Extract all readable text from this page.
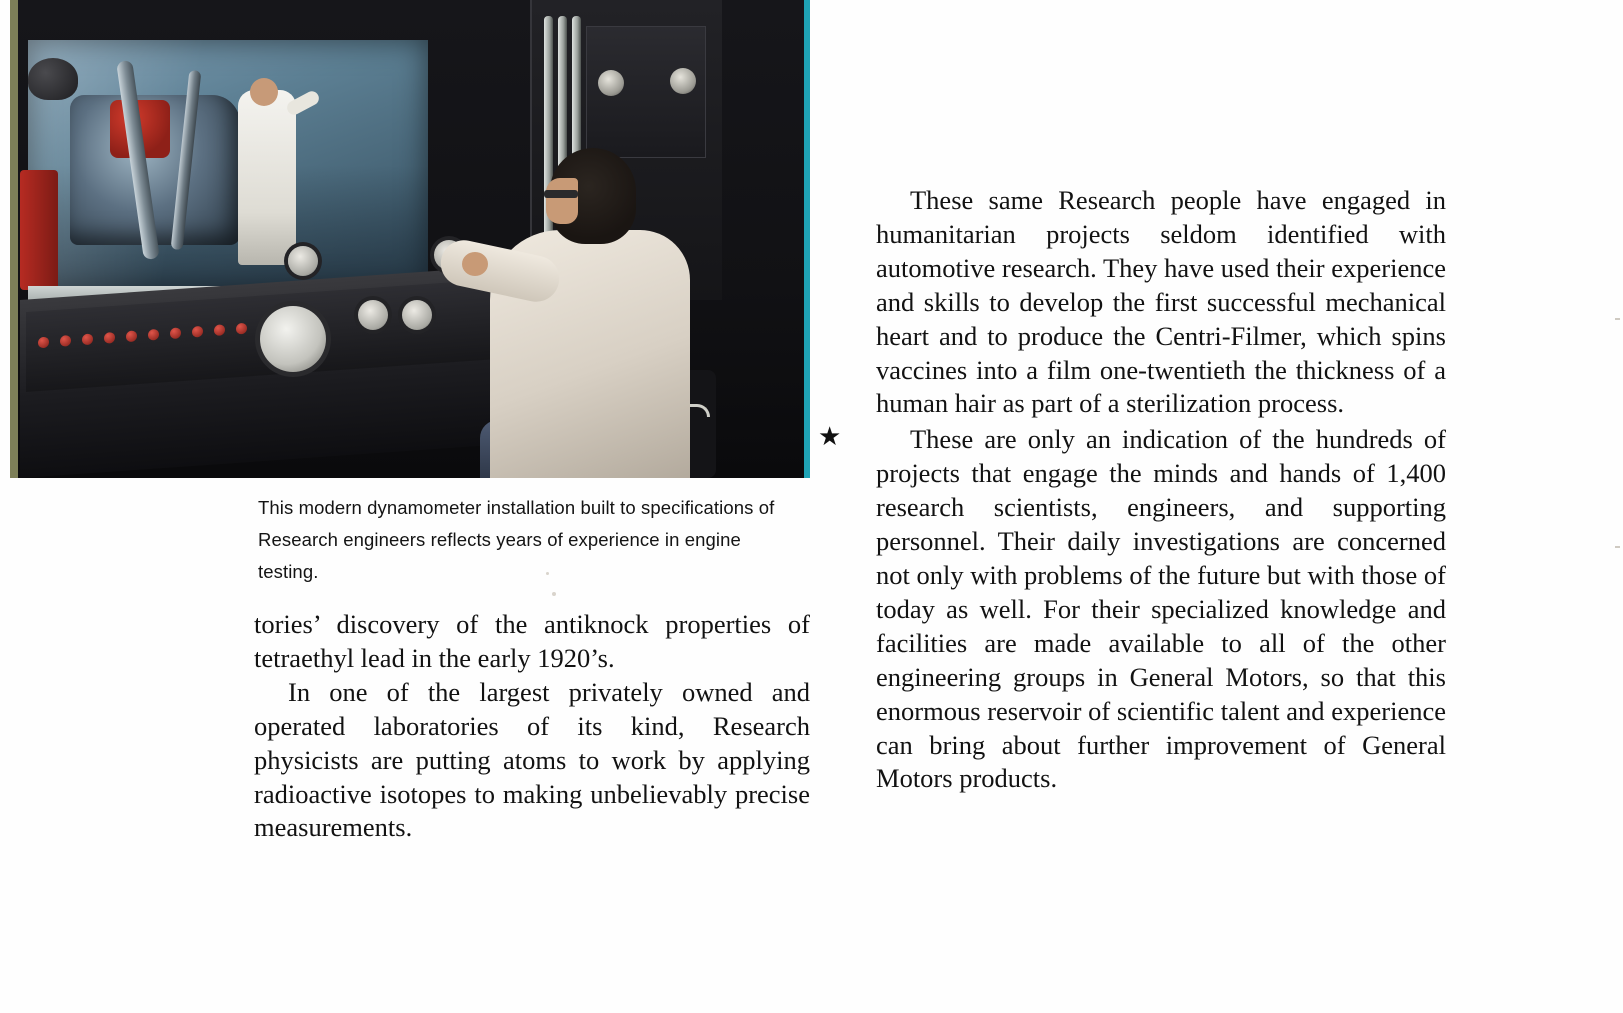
This modern dynamometer installation built to specifications of Research engineers reflects years of experience in engine testing.

tories’ discovery of the antiknock properties of tetraethyl lead in the early 1920’s.

In one of the largest privately owned and operated laboratories of its kind, Research physicists are putting atoms to work by applying radioactive isotopes to making unbelievably precise measurements.

★

These same Research people have engaged in humanitarian projects seldom identified with automotive research. They have used their experience and skills to develop the first successful mechanical heart and to produce the Centri-Filmer, which spins vaccines into a film one-twentieth the thickness of a human hair as part of a sterilization process.

These are only an indication of the hundreds of projects that engage the minds and hands of 1,400 research scientists, engineers, and supporting personnel. Their daily investigations are concerned not only with problems of the future but with those of today as well. For their specialized knowledge and facilities are made available to all of the other engineering groups in General Motors, so that this enormous reservoir of scientific talent and experience can bring about further improvement of General Motors products.
